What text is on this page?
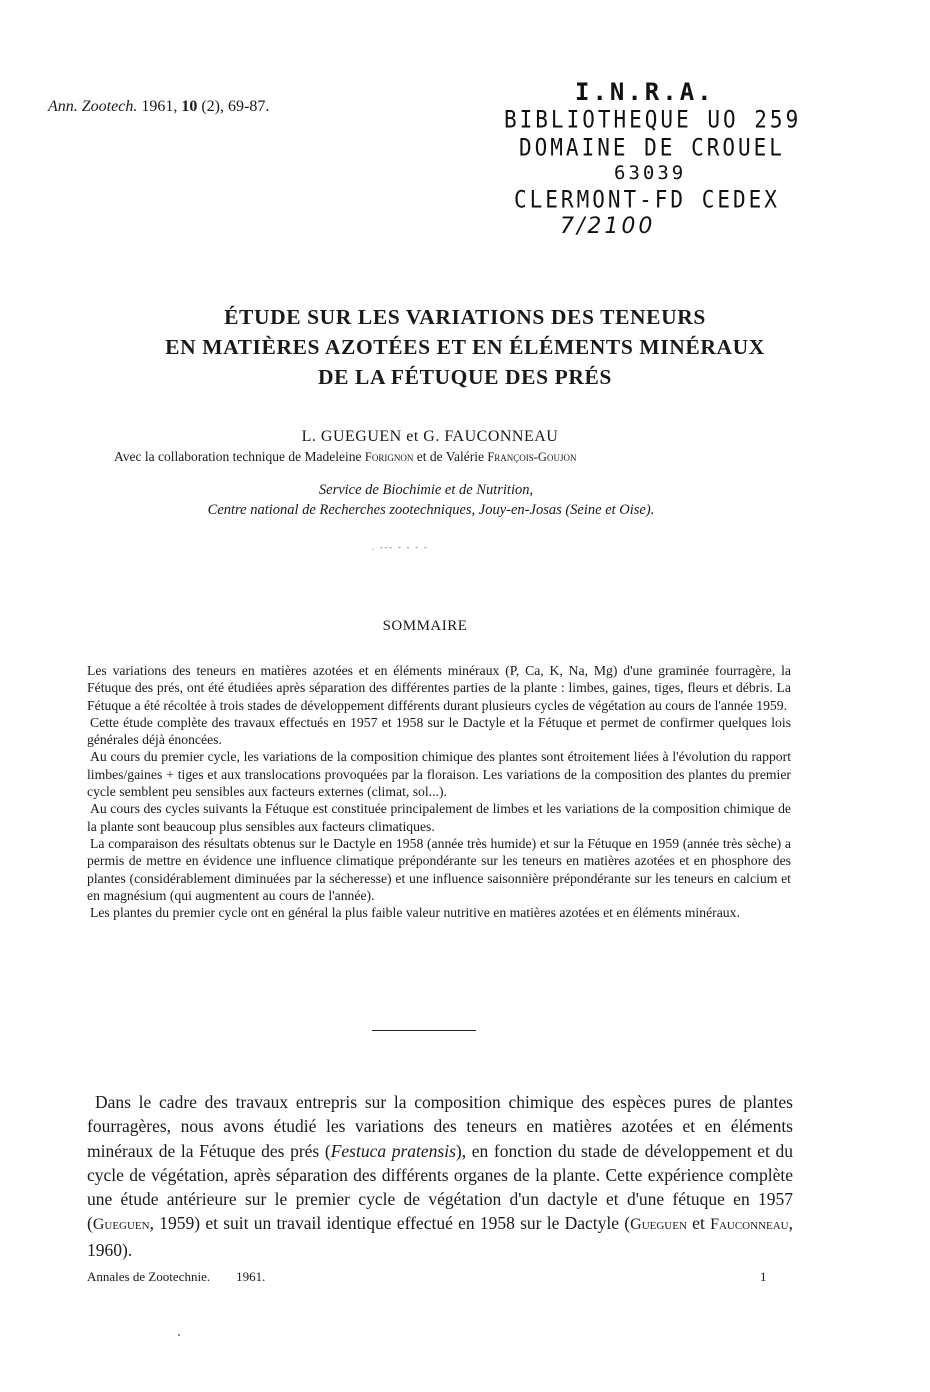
Ann. Zootech. 1961, 10 (2), 69-87.
I.N.R.A.
BIBLIOTHEQUE UO 259
DOMAINE DE CROUEL
63039
CLERMONT-FD CEDEX
7/2100
ÉTUDE SUR LES VARIATIONS DES TENEURS
EN MATIÈRES AZOTÉES ET EN ÉLÉMENTS MINÉRAUX
DE LA FÉTUQUE DES PRÉS
L. GUEGUEN et G. FAUCONNEAU
Avec la collaboration technique de Madeleine Forignon et de Valérie François-Goujon
Service de Biochimie et de Nutrition,
Centre national de Recherches zootechniques, Jouy-en-Josas (Seine et Oise).
. --- - - - -
SOMMAIRE

Les variations des teneurs en matières azotées et en éléments minéraux (P, Ca, K, Na, Mg) d'une graminée fourragère, la Fétuque des prés, ont été étudiées après séparation des différentes parties de la plante : limbes, gaines, tiges, fleurs et débris. La Fétuque a été récoltée à trois stades de développement différents durant plusieurs cycles de végétation au cours de l'année 1959.

Cette étude complète des travaux effectués en 1957 et 1958 sur le Dactyle et la Fétuque et permet de confirmer quelques lois générales déjà énoncées.

Au cours du premier cycle, les variations de la composition chimique des plantes sont étroitement liées à l'évolution du rapport limbes/gaines + tiges et aux translocations provoquées par la floraison. Les variations de la composition des plantes du premier cycle semblent peu sensibles aux facteurs externes (climat, sol...).

Au cours des cycles suivants la Fétuque est constituée principalement de limbes et les variations de la composition chimique de la plante sont beaucoup plus sensibles aux facteurs climatiques.

La comparaison des résultats obtenus sur le Dactyle en 1958 (année très humide) et sur la Fétuque en 1959 (année très sèche) a permis de mettre en évidence une influence climatique prépondérante sur les teneurs en matières azotées et en phosphore des plantes (considérablement diminuées par la sécheresse) et une influence saisonnière prépondérante sur les teneurs en calcium et en magnésium (qui augmentent au cours de l'année).

Les plantes du premier cycle ont en général la plus faible valeur nutritive en matières azotées et en éléments minéraux.

Dans le cadre des travaux entrepris sur la composition chimique des espèces pures de plantes fourragères, nous avons étudié les variations des teneurs en matières azotées et en éléments minéraux de la Fétuque des prés (Festuca pratensis), en fonction du stade de développement et du cycle de végétation, après séparation des différents organes de la plante. Cette expérience complète une étude antérieure sur le premier cycle de végétation d'un dactyle et d'une fétuque en 1957 (Gueguen, 1959) et suit un travail identique effectué en 1958 sur le Dactyle (Gueguen et Fauconneau, 1960).

Annales de Zootechnie. 1961.	1
